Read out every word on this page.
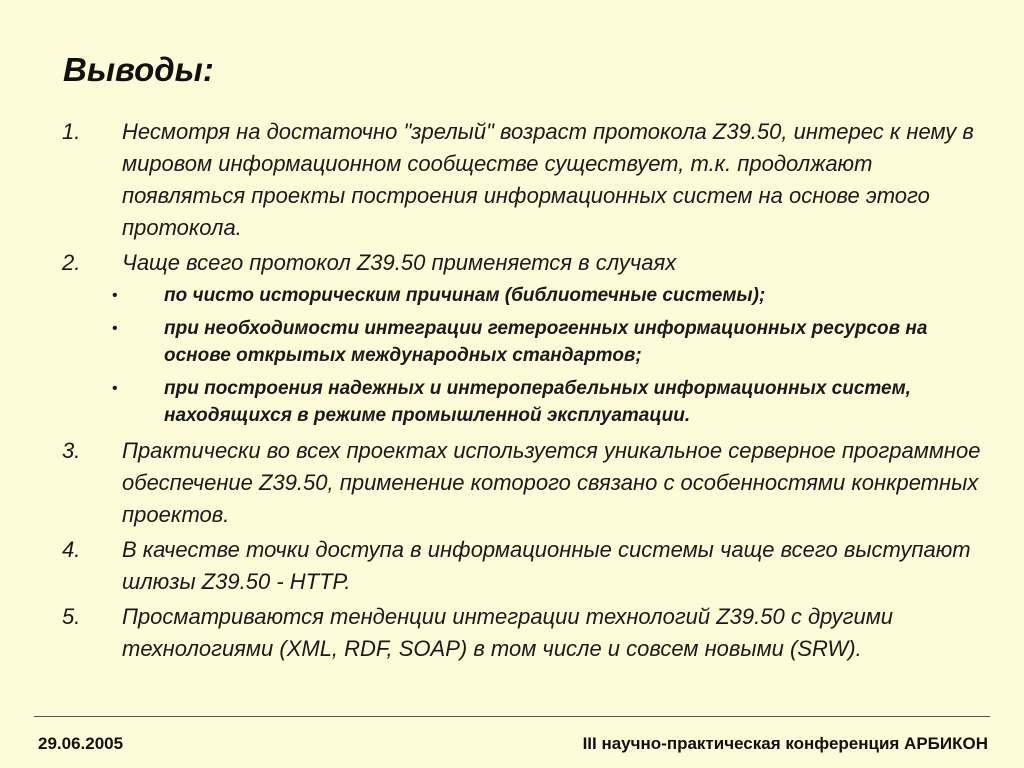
Выводы:
1. Несмотря на достаточно "зрелый" возраст протокола Z39.50, интерес к нему в мировом информационном сообществе существует, т.к. продолжают появляться проекты построения информационных систем на основе этого протокола.
2. Чаще всего протокол Z39.50 применяется в случаях
• по чисто историческим причинам (библиотечные системы);
• при необходимости интеграции гетерогенных информационных ресурсов на основе открытых международных стандартов;
• при построения надежных и интероперабельных информационных систем, находящихся в режиме промышленной эксплуатации.
3. Практически во всех проектах используется уникальное серверное программное обеспечение Z39.50, применение которого связано с особенностями конкретных проектов.
4. В качестве точки доступа в информационные системы чаще всего выступают шлюзы Z39.50 - HTTP.
5. Просматриваются тенденции интеграции технологий Z39.50 с другими технологиями (XML, RDF, SOAP) в том числе и совсем новыми (SRW).
29.06.2005	III научно-практическая конференция АРБИКОН
